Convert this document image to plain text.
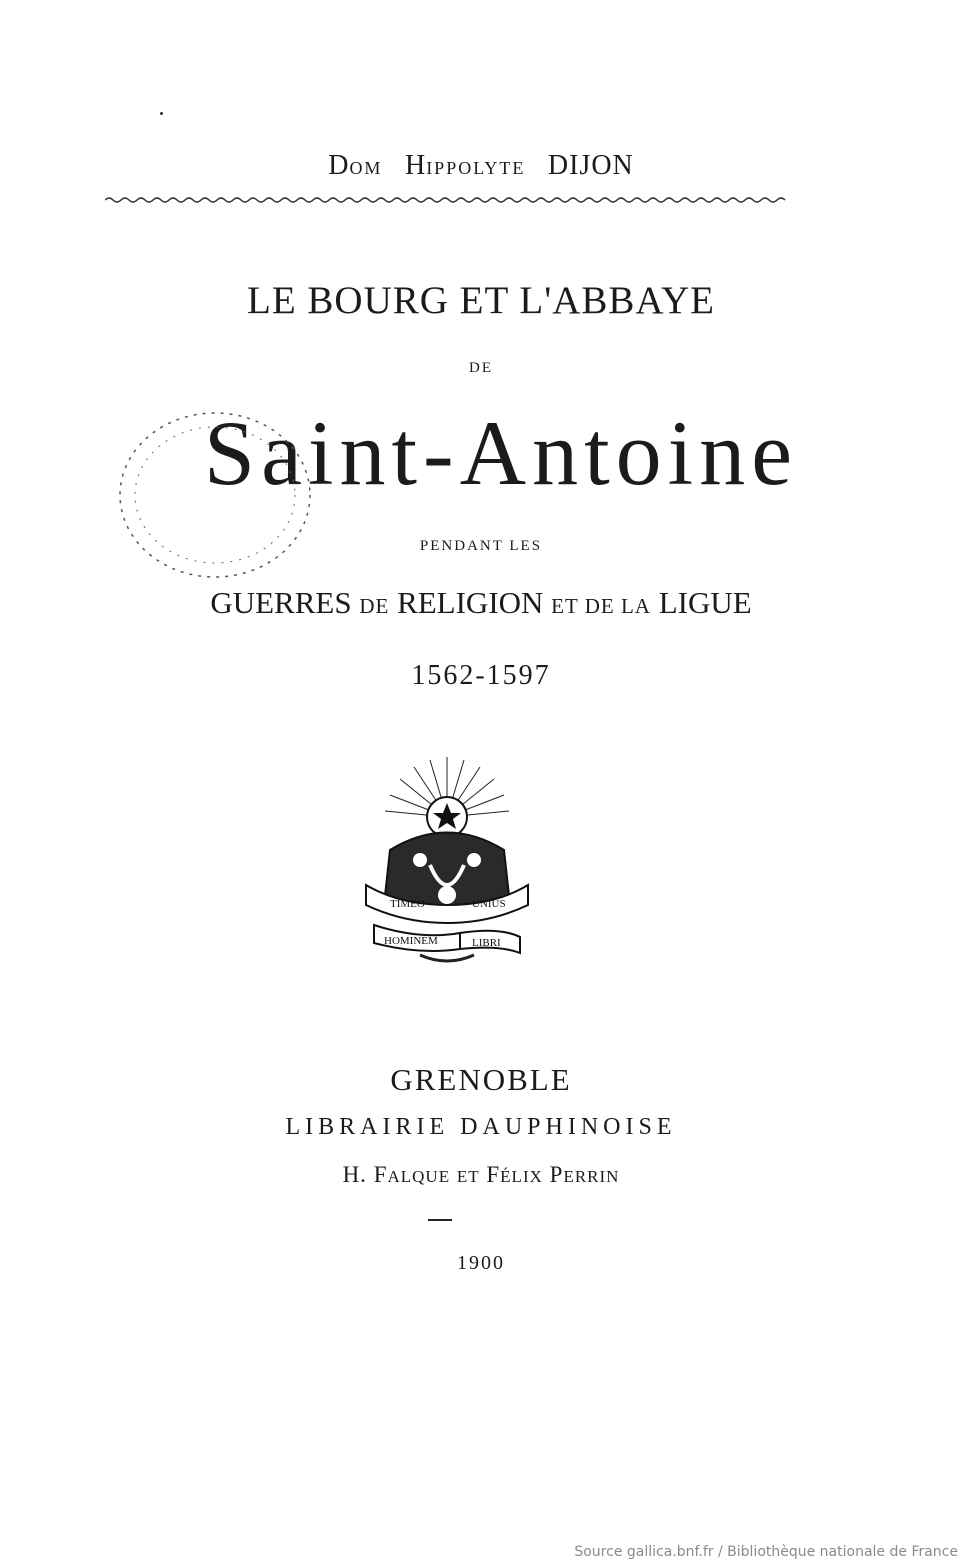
DOM HIPPOLYTE DIJON
LE BOURG ET L'ABBAYE
DE
Saint-Antoine
PENDANT LES
GUERRES DE RELIGION ET DE LA LIGUE
1562-1597
TIMEO	UNIUS
HOMINEM	LIBRI
GRENOBLE
LIBRAIRIE DAUPHINOISE
H. FALQUE ET FÉLIX PERRIN
1900
Source gallica.bnf.fr / Bibliothèque nationale de France
